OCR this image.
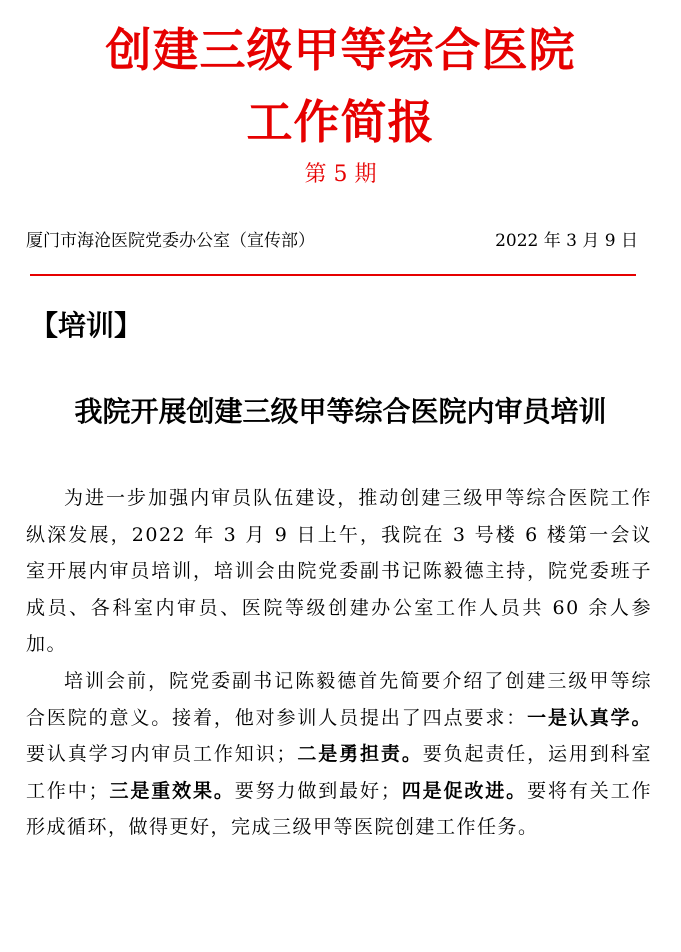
创建三级甲等综合医院
工作简报
第 5 期
厦门市海沧医院党委办公室（宣传部）	2022 年 3 月 9 日
【培训】
我院开展创建三级甲等综合医院内审员培训

为进一步加强内审员队伍建设，推动创建三级甲等综合医院工作纵深发展，2022 年 3 月 9 日上午，我院在 3 号楼 6 楼第一会议室开展内审员培训，培训会由院党委副书记陈毅德主持，院党委班子成员、各科室内审员、医院等级创建办公室工作人员共 60 余人参加。

培训会前，院党委副书记陈毅德首先简要介绍了创建三级甲等综合医院的意义。接着，他对参训人员提出了四点要求：一是认真学。要认真学习内审员工作知识；二是勇担责。要负起责任，运用到科室工作中；三是重效果。要努力做到最好；四是促改进。要将有关工作形成循环，做得更好，完成三级甲等医院创建工作任务。
